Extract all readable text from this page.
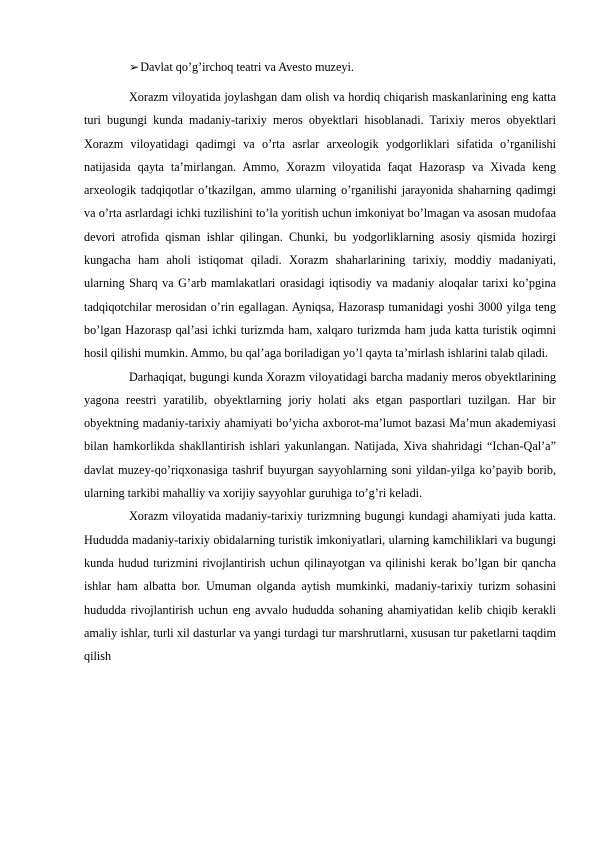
➢Davlat qo’g’irchoq teatri va Avesto muzeyi.

Xorazm viloyatida joylashgan dam olish va hordiq chiqarish maskanlarining eng katta turi bugungi kunda madaniy-tarixiy meros obyektlari hisoblanadi. Tarixiy meros obyektlari Xorazm viloyatidagi qadimgi va o’rta asrlar arxeologik yodgorliklari sifatida o’rganilishi natijasida qayta ta’mirlangan. Ammo, Xorazm viloyatida faqat Hazorasp va Xivada keng arxeologik tadqiqotlar o’tkazilgan, ammo ularning o’rganilishi jarayonida shaharning qadimgi va o’rta asrlardagi ichki tuzilishini to’la yoritish uchun imkoniyat bo’lmagan va asosan mudofaa devori atrofida qisman ishlar qilingan. Chunki, bu yodgorliklarning asosiy qismida hozirgi kungacha ham aholi istiqomat qiladi. Xorazm shaharlarining tarixiy, moddiy madaniyati, ularning Sharq va G’arb mamlakatlari orasidagi iqtisodiy va madaniy aloqalar tarixi ko’pgina tadqiqotchilar merosidan o’rin egallagan. Ayniqsa, Hazorasp tumanidagi yoshi 3000 yilga teng bo’lgan Hazorasp qal’asi ichki turizmda ham, xalqaro turizmda ham juda katta turistik oqimni hosil qilishi mumkin. Ammo, bu qal’aga boriladigan yo’l qayta ta’mirlash ishlarini talab qiladi.

Darhaqiqat, bugungi kunda Xorazm viloyatidagi barcha madaniy meros obyektlarining yagona reestri yaratilib, obyektlarning joriy holati aks etgan pasportlari tuzilgan. Har bir obyektning madaniy-tarixiy ahamiyati bo’yicha axborot-ma’lumot bazasi Ma’mun akademiyasi bilan hamkorlikda shakllantirish ishlari yakunlangan. Natijada, Xiva shahridagi “Ichan-Qal’a” davlat muzey-qo’riqxonasiga tashrif buyurgan sayyohlarning soni yildan-yilga ko’payib borib, ularning tarkibi mahalliy va xorijiy sayyohlar guruhiga to’g’ri keladi.

Xorazm viloyatida madaniy-tarixiy turizmning bugungi kundagi ahamiyati juda katta. Hududda madaniy-tarixiy obidalarning turistik imkoniyatlari, ularning kamchiliklari va bugungi kunda hudud turizmini rivojlantirish uchun qilinayotgan va qilinishi kerak bo’lgan bir qancha ishlar ham albatta bor. Umuman olganda aytish mumkinki, madaniy-tarixiy turizm sohasini hududda rivojlantirish uchun eng avvalo hududda sohaning ahamiyatidan kelib chiqib kerakli amaliy ishlar, turli xil dasturlar va yangi turdagi tur marshrutlarni, xususan tur paketlarni taqdim qilish
